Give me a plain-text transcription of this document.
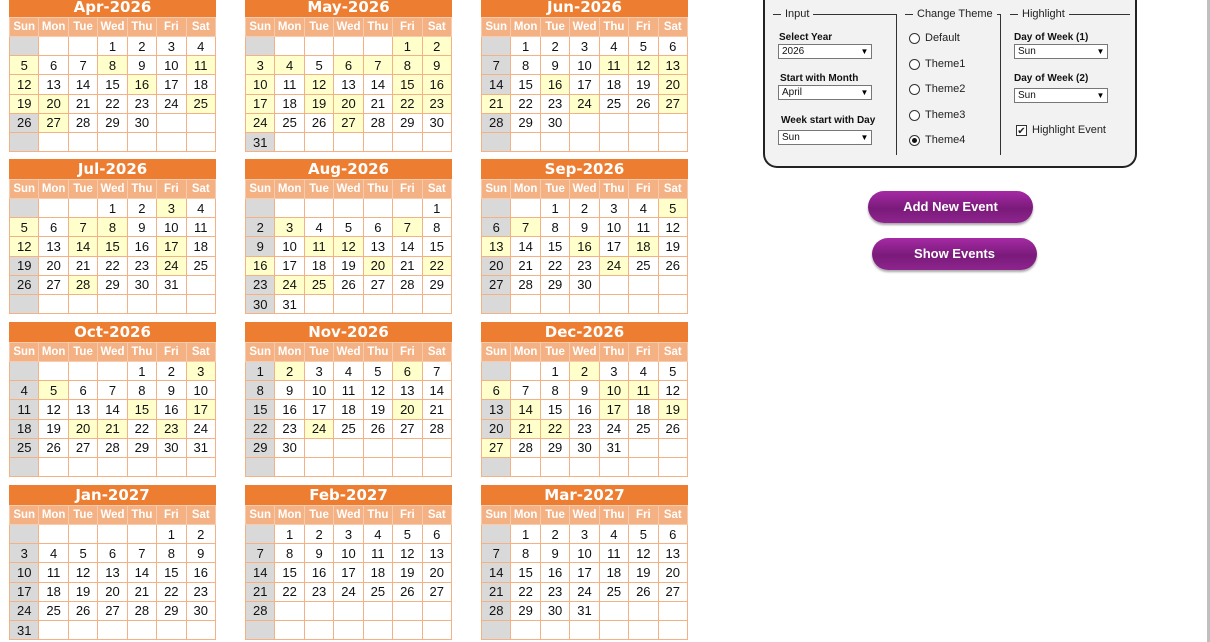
Apr-2026
Sun	Mon	Tue	Wed	Thu	Fri	Sat
			1	2	3	4
5	6	7	8	9	10	11
12	13	14	15	16	17	18
19	20	21	22	23	24	25
26	27	28	29	30		

May-2026
Sun	Mon	Tue	Wed	Thu	Fri	Sat
					1	2
3	4	5	6	7	8	9
10	11	12	13	14	15	16
17	18	19	20	21	22	23
24	25	26	27	28	29	30
31						
Jun-2026
Sun	Mon	Tue	Wed	Thu	Fri	Sat
	1	2	3	4	5	6
7	8	9	10	11	12	13
14	15	16	17	18	19	20
21	22	23	24	25	26	27
28	29	30				

Jul-2026
Sun	Mon	Tue	Wed	Thu	Fri	Sat
			1	2	3	4
5	6	7	8	9	10	11
12	13	14	15	16	17	18
19	20	21	22	23	24	25
26	27	28	29	30	31	

Aug-2026
Sun	Mon	Tue	Wed	Thu	Fri	Sat
						1
2	3	4	5	6	7	8
9	10	11	12	13	14	15
16	17	18	19	20	21	22
23	24	25	26	27	28	29
30	31					
Sep-2026
Sun	Mon	Tue	Wed	Thu	Fri	Sat
		1	2	3	4	5
6	7	8	9	10	11	12
13	14	15	16	17	18	19
20	21	22	23	24	25	26
27	28	29	30			

Oct-2026
Sun	Mon	Tue	Wed	Thu	Fri	Sat
				1	2	3
4	5	6	7	8	9	10
11	12	13	14	15	16	17
18	19	20	21	22	23	24
25	26	27	28	29	30	31

Nov-2026
Sun	Mon	Tue	Wed	Thu	Fri	Sat
1	2	3	4	5	6	7
8	9	10	11	12	13	14
15	16	17	18	19	20	21
22	23	24	25	26	27	28
29	30					

Dec-2026
Sun	Mon	Tue	Wed	Thu	Fri	Sat
		1	2	3	4	5
6	7	8	9	10	11	12
13	14	15	16	17	18	19
20	21	22	23	24	25	26
27	28	29	30	31		

Jan-2027
Sun	Mon	Tue	Wed	Thu	Fri	Sat
					1	2
3	4	5	6	7	8	9
10	11	12	13	14	15	16
17	18	19	20	21	22	23
24	25	26	27	28	29	30
31						
Feb-2027
Sun	Mon	Tue	Wed	Thu	Fri	Sat
	1	2	3	4	5	6
7	8	9	10	11	12	13
14	15	16	17	18	19	20
21	22	23	24	25	26	27
28						

Mar-2027
Sun	Mon	Tue	Wed	Thu	Fri	Sat
	1	2	3	4	5	6
7	8	9	10	11	12	13
14	15	16	17	18	19	20
21	22	23	24	25	26	27
28	29	30	31			

Input	Change Theme	Highlight
Select Year
2026	▼
Start with Month
April	▼
Week start with Day
Sun	▼
Default
Theme1
Theme2
Theme3
Theme4
Day of Week (1)
Sun	▼
Day of Week (2)
Sun	▼
✔ Highlight Event
Add New Event
Show Events
